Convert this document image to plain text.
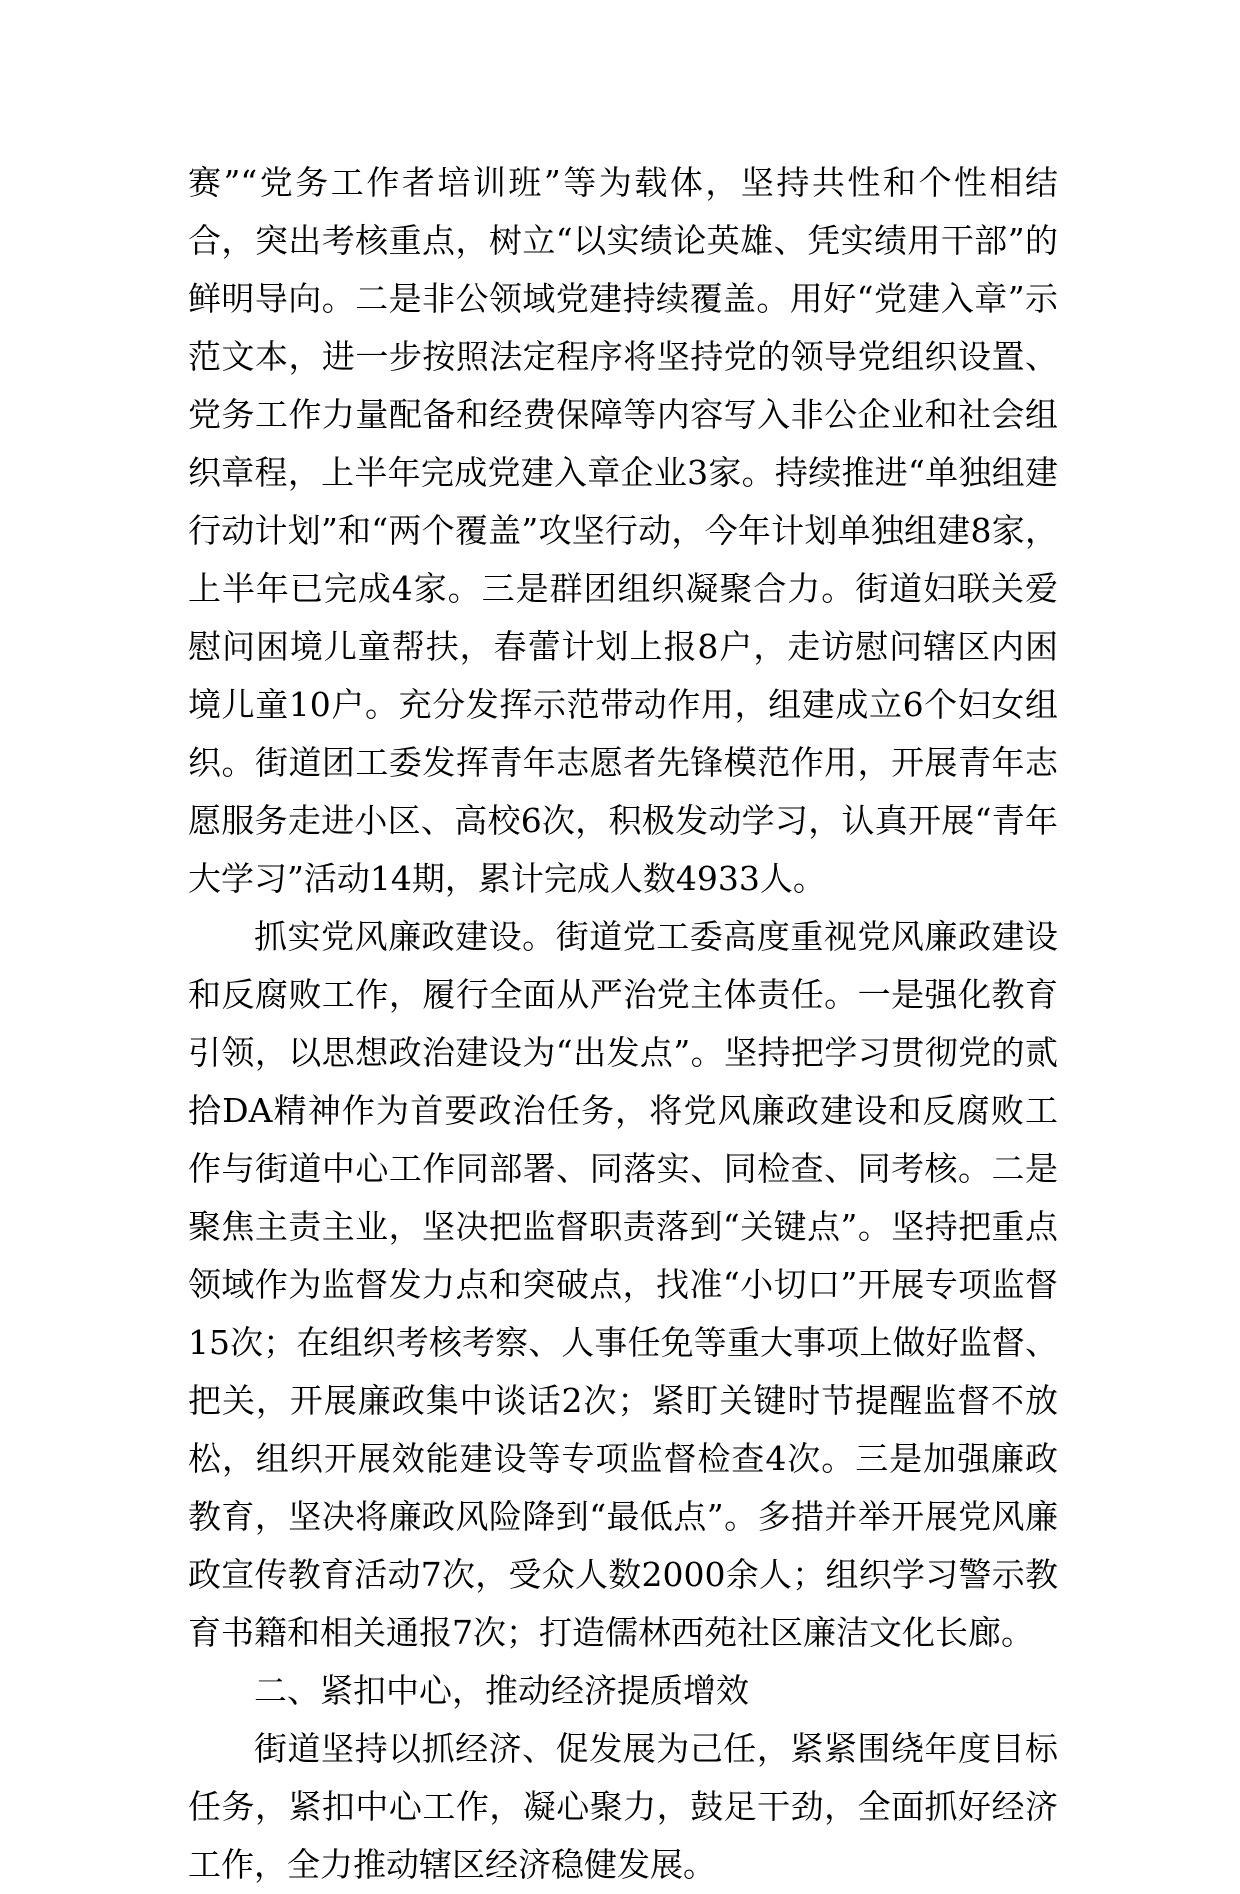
赛”“党务工作者培训班”等为载体，坚持共性和个性相结合，突出考核重点，树立“以实绩论英雄、凭实绩用干部”的鲜明导向。二是非公领域党建持续覆盖。用好“党建入章”示范文本，进一步按照法定程序将坚持党的领导党组织设置、党务工作力量配备和经费保障等内容写入非公企业和社会组织章程，上半年完成党建入章企业3家。持续推进“单独组建行动计划”和“两个覆盖”攻坚行动，今年计划单独组建8家，上半年已完成4家。三是群团组织凝聚合力。街道妇联关爱慰问困境儿童帮扶，春蕾计划上报8户，走访慰问辖区内困境儿童10户。充分发挥示范带动作用，组建成立6个妇女组织。街道团工委发挥青年志愿者先锋模范作用，开展青年志愿服务走进小区、高校6次，积极发动学习，认真开展“青年大学习”活动14期，累计完成人数4933人。

抓实党风廉政建设。街道党工委高度重视党风廉政建设和反腐败工作，履行全面从严治党主体责任。一是强化教育引领，以思想政治建设为“出发点”。坚持把学习贯彻党的贰拾DA精神作为首要政治任务，将党风廉政建设和反腐败工作与街道中心工作同部署、同落实、同检查、同考核。二是聚焦主责主业，坚决把监督职责落到“关键点”。坚持把重点领域作为监督发力点和突破点，找准“小切口”开展专项监督15次；在组织考核考察、人事任免等重大事项上做好监督、把关，开展廉政集中谈话2次；紧盯关键时节提醒监督不放松，组织开展效能建设等专项监督检查4次。三是加强廉政教育，坚决将廉政风险降到“最低点”。多措并举开展党风廉政宣传教育活动7次，受众人数2000余人；组织学习警示教育书籍和相关通报7次；打造儒林西苑社区廉洁文化长廊。

二、紧扣中心，推动经济提质增效

街道坚持以抓经济、促发展为己任，紧紧围绕年度目标任务，紧扣中心工作，凝心聚力，鼓足干劲，全面抓好经济工作，全力推动辖区经济稳健发展。
